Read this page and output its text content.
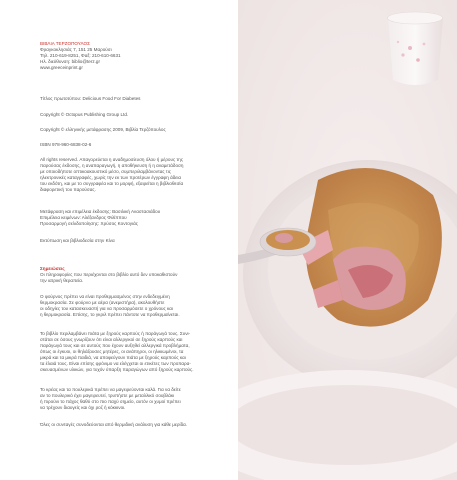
ΒΙΒΛΙΑ ΤΕΡΖΟΠΟΥΛΟΣ
Φραγκοκλησιάς 7, 151 25 Μαρούσι
Τηλ. 210-619-8251, Φαξ: 210-610-6631
Ηλ. διεύθυνση: biblio@terz.gr
www.greeceinprint.gr
Τίτλος πρωτοτύπου: Delicious Food For Diabetes
Copyright © Octopus Publishing Group Ltd.
Copyright © ελληνικής μετάφρασης 2009, Βιβλία Τερζόπουλος
ISBN 978-960-6838-02-6
All rights reserved. Απαγορεύεται η αναδημοσίευση όλου ή μέρους της
παρούσας έκδοσης, η αναπαραγωγή, η αποθήκευση ή η αναμετάδοση
με οποιοδήποτε οπτικοακουστικό μέσο, συμπεριλαμβάνοντας τις
ηλεκτρονικές καταγραφές, χωρίς την εκ των προτέρων έγγραφη άδεια
του εκδότη, και με το συγγραφέα και το μορφή, εξαιρείται η βιβλιοθεσία
διαφορετική του παρούσας.
Μετάφραση και επιμέλεια έκδοσης: Βασιλική Αναστασιάδου
Επιμέλεια κειμένων: Αλέξανδρος Φιλίππου
Προσαρμογή σελιδοποίησης: Χρύσος Κοντογιάς
Εκτύπωση και βιβλιοδεσία στην Κίνα
Σημειώσεις
Οι πληροφορίες που περιέχονται στο βιβλίο αυτό δεν υποκαθιστούν
την ιατρική θεραπεία.
Ο φούρνος πρέπει να είναι προθερμασμένος στην ενδεδειγμένη
θερμοκρασία. Σε φούρνο με αέρα (ανεμιστήρα), ακολουθήστε
οι οδηγίες του κατασκευαστή για να προσαρμόσετε ο χρόνους και
η θερμοκρασία. Επίσης, το γκριλ πρέπει πάντοτε να προθερμαίνεται.
Το βιβλίο περιλαμβάνει πιάτα με ξηρούς καρπούς ή παράγωγά τους. Συνι-
στάται σε όσους γνωρίζουν ότι είναι αλλεργικοί σε ξηρούς καρπούς και
παράγωγά τους και σε αυτούς που έχουν αυξηθεί αλλεργικά προβλήματα,
όπως οι έγκυοι, οι θηλάζουσες μητέρες, οι ανάπηροι, οι ηλικιωμένοι, τα
μικρά και τα μικρά παιδιά, να αποφεύγουν πιάτα με ξηρούς καρπούς και
τα έλαιά τους. Είναι επίσης φρόνιμο να ελέγχεται οι ετικέτες των προπαρα-
σκευασμένων υλικών, για τυχόν ύπαρξη παραγώγων από ξηρούς καρπούς.
Το κρέας και τα πουλερικά πρέπει να μαγειρεύονται καλά. Για να δείτε
αν το πουλερικό έχει μαγειρευτεί, τρυπήστε με μεταλλικό σουβλάκι
ή πιρούνι το πάχος θαθύ στο πιο παχύ σημείο, αυτόν οι χυμοί πρέπει
να τρέχουν διαυγείς και όχι ροζ ή κόκκινοι.
Όλες οι συνταγές συνοδεύονται από θερμιδική ανάλυση για κάθε μερίδα.
